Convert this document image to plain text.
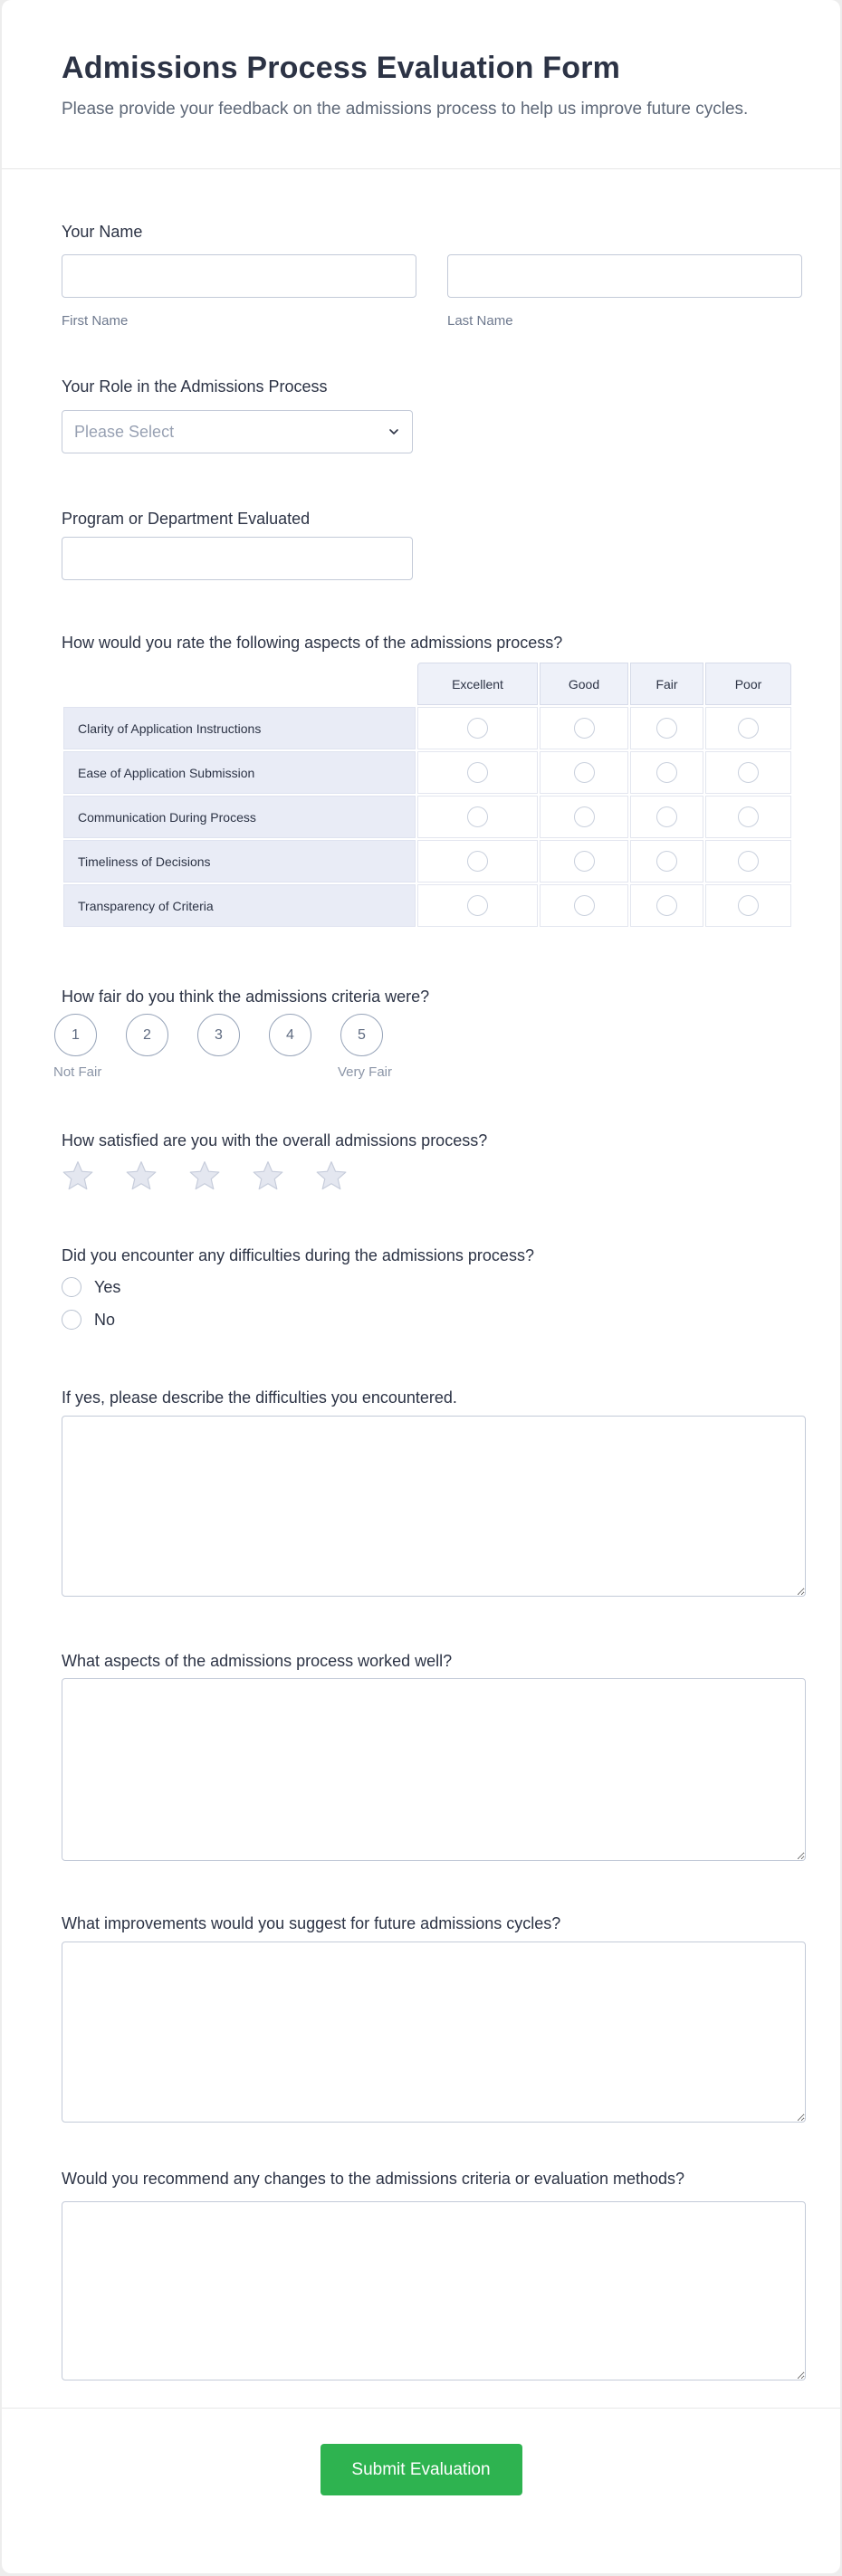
Admissions Process Evaluation Form
Please provide your feedback on the admissions process to help us improve future cycles.
Your Name
First Name	Last Name
Your Role in the Admissions Process
Please Select
Program or Department Evaluated
How would you rate the following aspects of the admissions process?
	Excellent	Good	Fair	Poor
Clarity of Application Instructions				
Ease of Application Submission				
Communication During Process				
Timeliness of Decisions				
Transparency of Criteria				
How fair do you think the admissions criteria were?
1	2	3	4	5
Not Fair	Very Fair
How satisfied are you with the overall admissions process?
Did you encounter any difficulties during the admissions process?
Yes
No
If yes, please describe the difficulties you encountered.
What aspects of the admissions process worked well?
What improvements would you suggest for future admissions cycles?
Would you recommend any changes to the admissions criteria or evaluation methods?
Submit Evaluation
